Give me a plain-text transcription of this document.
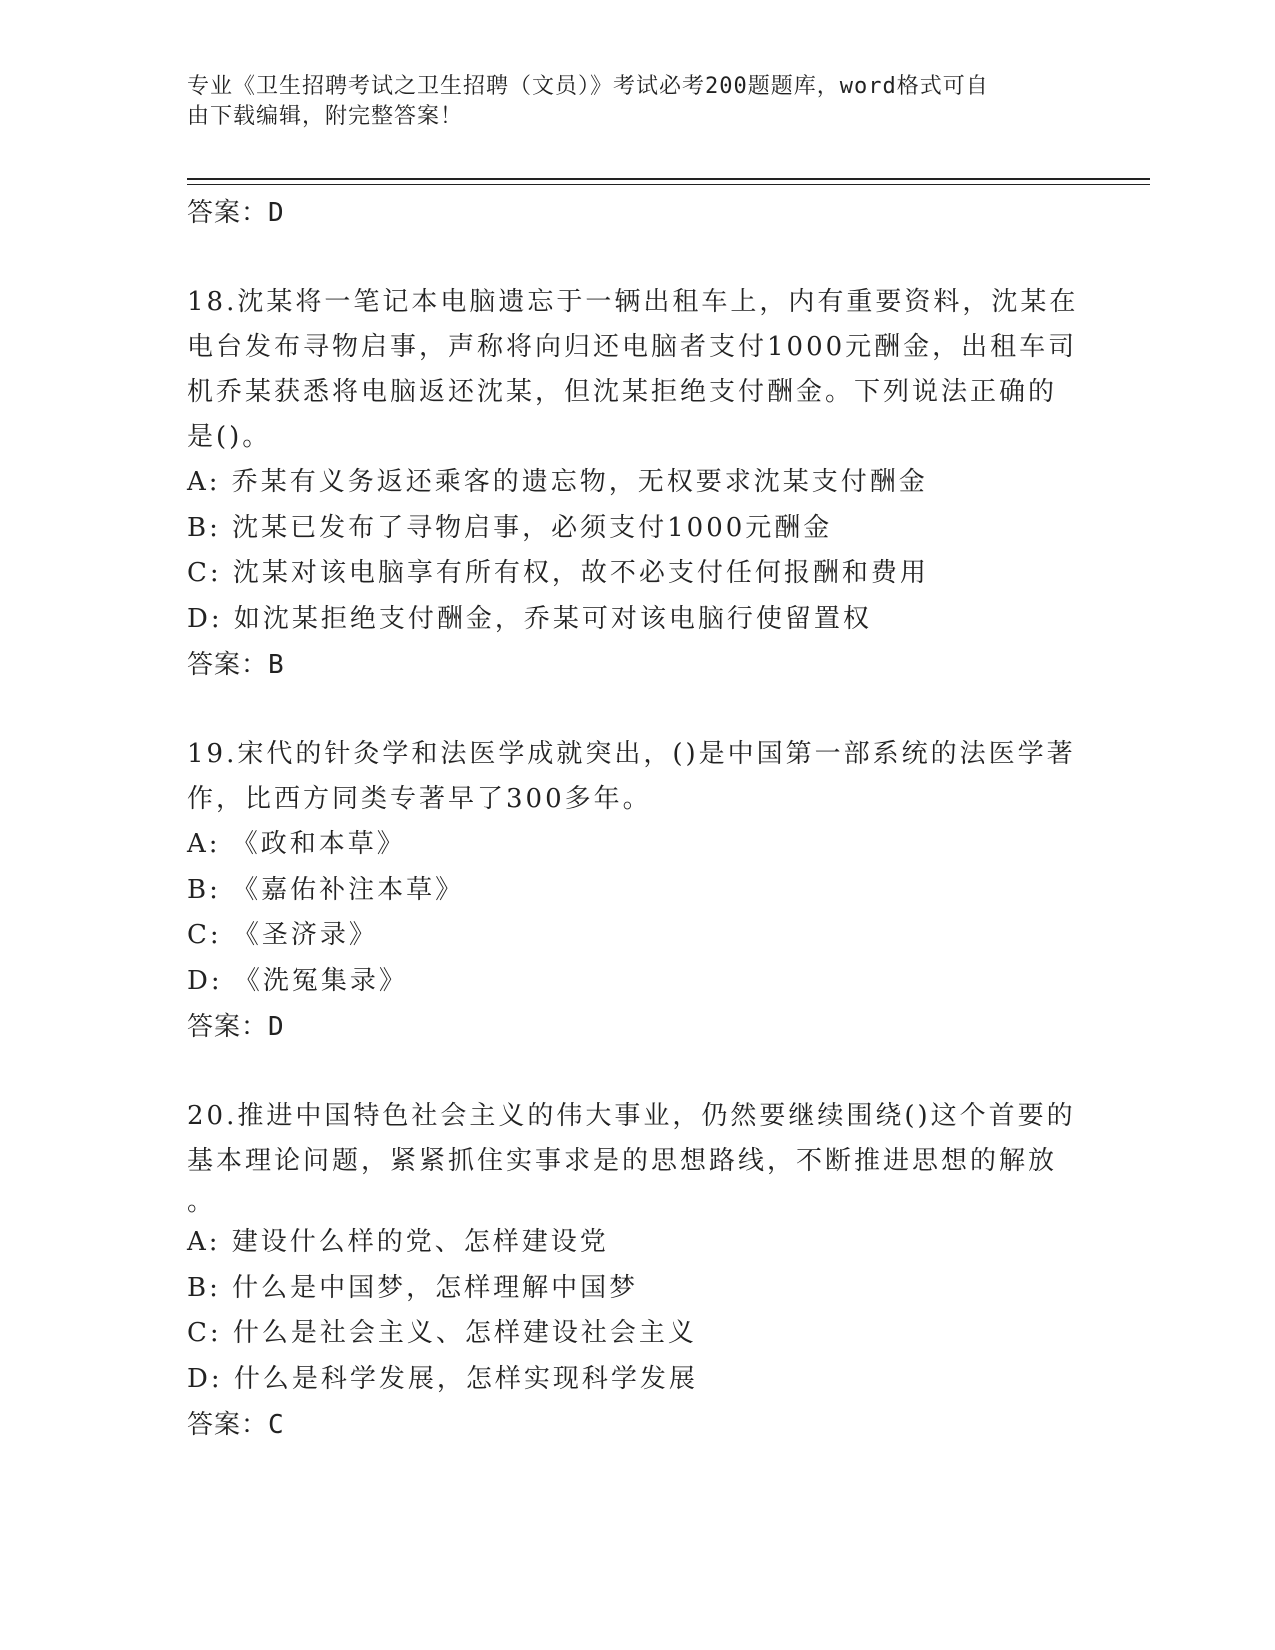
专业《卫生招聘考试之卫生招聘（文员）》考试必考200题题库，word格式可自
由下载编辑，附完整答案！
答案：D
18.沈某将一笔记本电脑遗忘于一辆出租车上，内有重要资料，沈某在
电台发布寻物启事，声称将向归还电脑者支付1000元酬金，出租车司
机乔某获悉将电脑返还沈某，但沈某拒绝支付酬金。下列说法正确的
是()。
A: 乔某有义务返还乘客的遗忘物，无权要求沈某支付酬金
B: 沈某已发布了寻物启事，必须支付1000元酬金
C: 沈某对该电脑享有所有权，故不必支付任何报酬和费用
D: 如沈某拒绝支付酬金，乔某可对该电脑行使留置权
答案：B
19.宋代的针灸学和法医学成就突出，()是中国第一部系统的法医学著
作，比西方同类专著早了300多年。
A: 《政和本草》
B: 《嘉佑补注本草》
C: 《圣济录》
D: 《洗冤集录》
答案：D
20.推进中国特色社会主义的伟大事业，仍然要继续围绕()这个首要的
基本理论问题，紧紧抓住实事求是的思想路线，不断推进思想的解放
。
A: 建设什么样的党、怎样建设党
B: 什么是中国梦，怎样理解中国梦
C: 什么是社会主义、怎样建设社会主义
D: 什么是科学发展，怎样实现科学发展
答案：C
